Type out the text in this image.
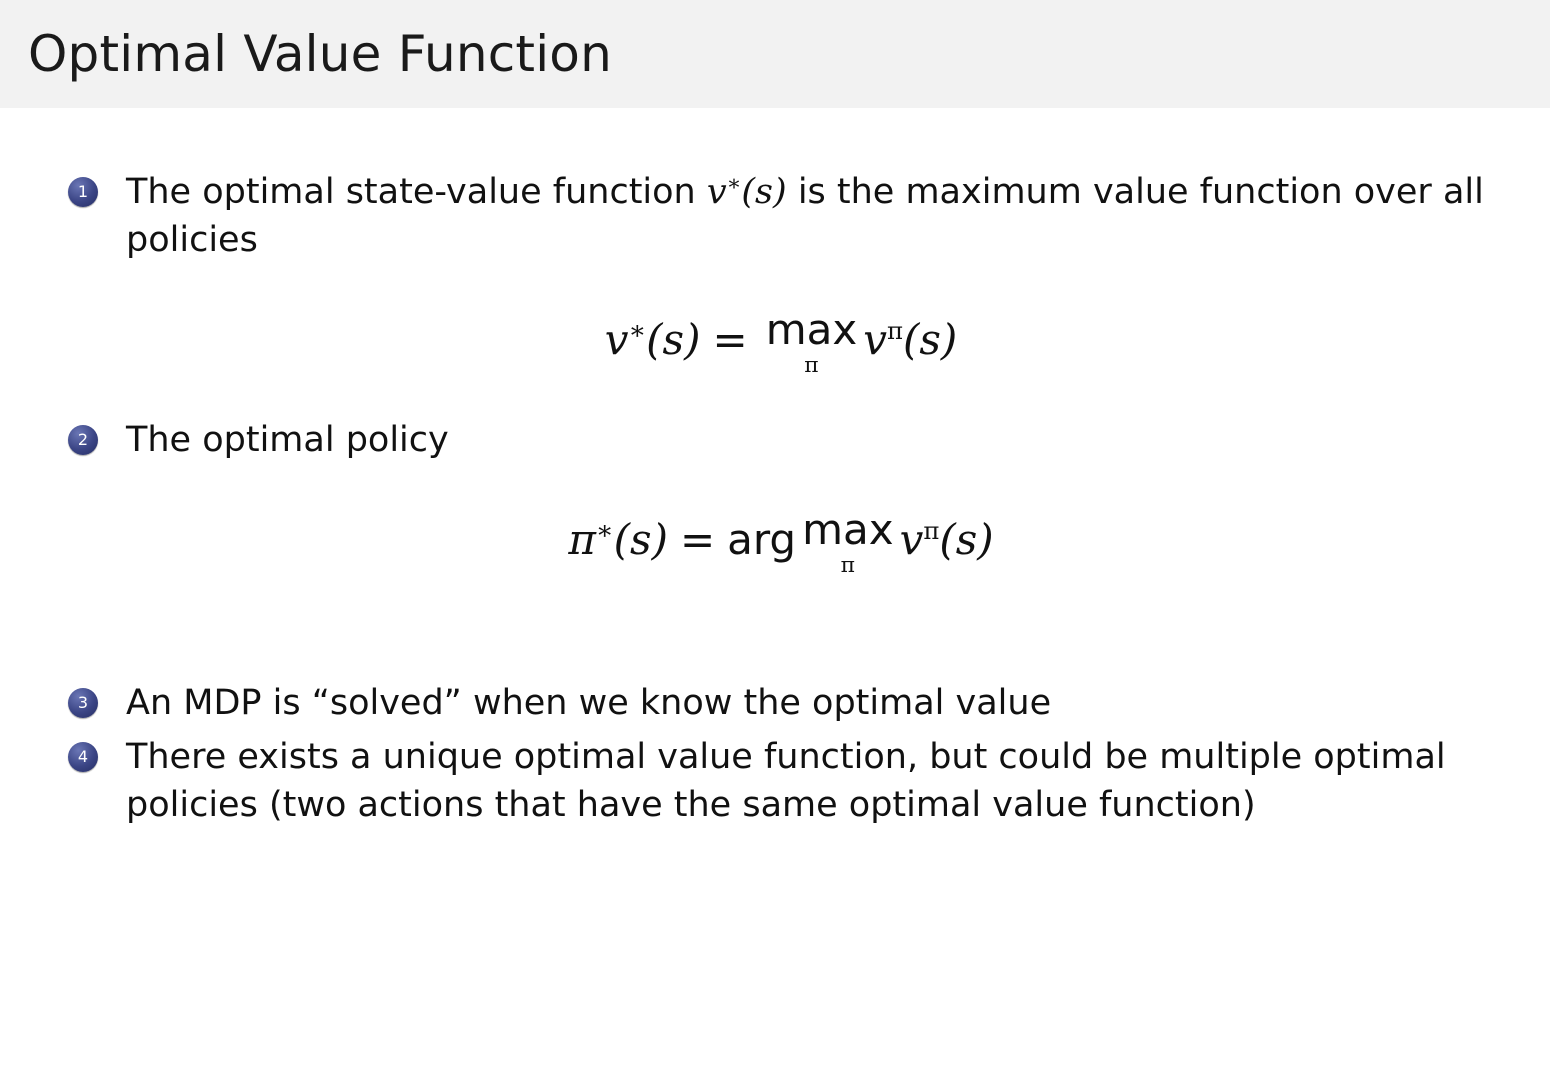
Optimal Value Function
1 The optimal state-value function v∗(s) is the maximum value function over all policies
v∗(s) = max
π
$v^\pi(s)$
2 The optimal policy
π∗(s) = arg max
π
$v^\pi(s)$
3 An MDP is “solved” when we know the optimal value
4 There exists a unique optimal value function, but could be multiple optimal policies (two actions that have the same optimal value function)
